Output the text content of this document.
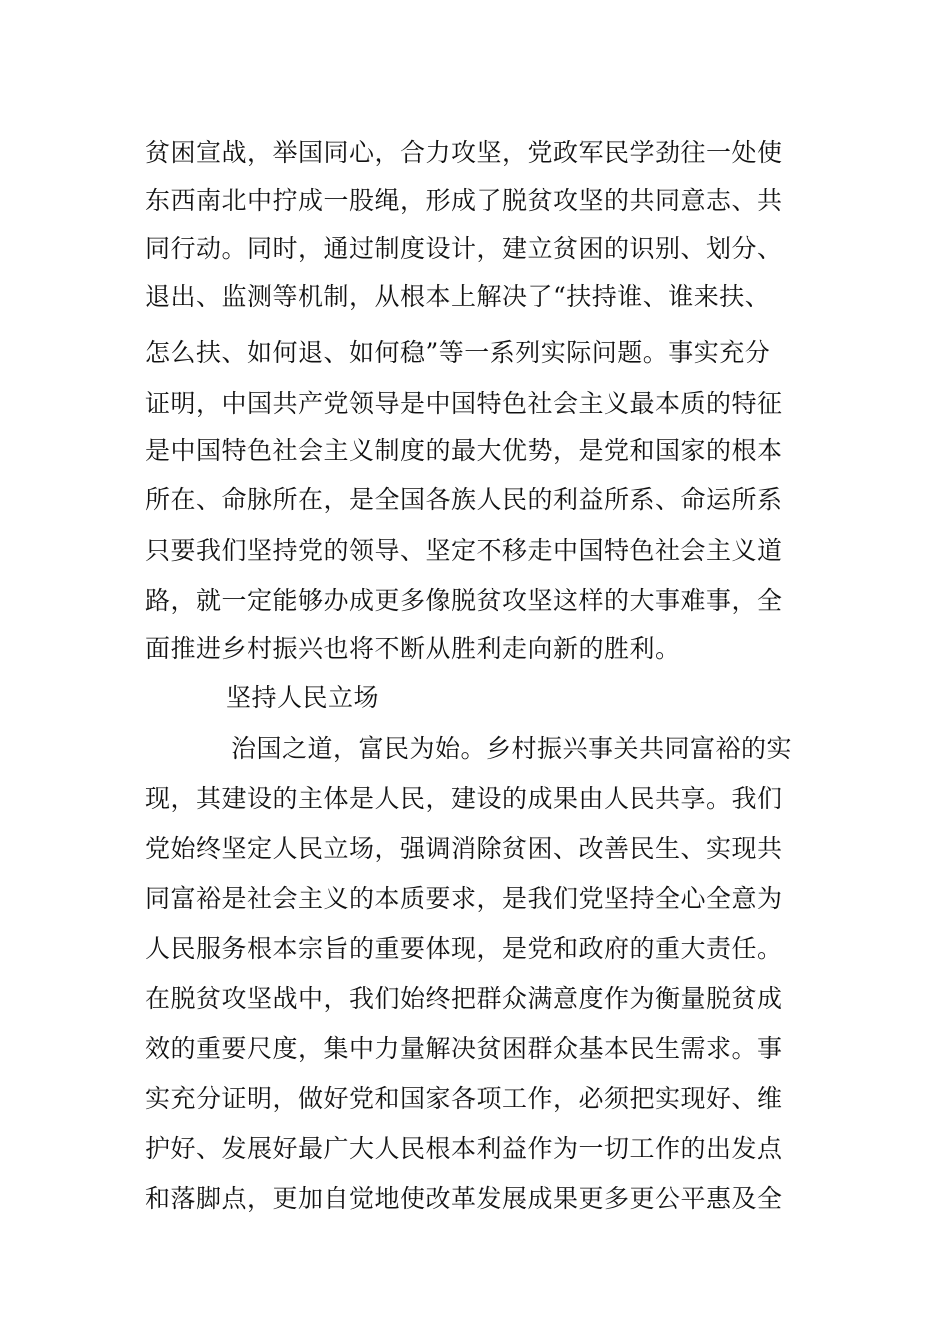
贫困宣战，举国同心，合力攻坚，党政军民学劲往一处使
东西南北中拧成一股绳，形成了脱贫攻坚的共同意志、共
同行动。同时，通过制度设计，建立贫困的识别、划分、
退出、监测等机制，从根本上解决了“扶持谁、谁来扶、
怎么扶、如何退、如何稳”等一系列实际问题。事实充分
证明，中国共产党领导是中国特色社会主义最本质的特征
是中国特色社会主义制度的最大优势，是党和国家的根本
所在、命脉所在，是全国各族人民的利益所系、命运所系
只要我们坚持党的领导、坚定不移走中国特色社会主义道
路，就一定能够办成更多像脱贫攻坚这样的大事难事，全
面推进乡村振兴也将不断从胜利走向新的胜利。
坚持人民立场
治国之道，富民为始。乡村振兴事关共同富裕的实
现，其建设的主体是人民，建设的成果由人民共享。我们
党始终坚定人民立场，强调消除贫困、改善民生、实现共
同富裕是社会主义的本质要求，是我们党坚持全心全意为
人民服务根本宗旨的重要体现，是党和政府的重大责任。
在脱贫攻坚战中，我们始终把群众满意度作为衡量脱贫成
效的重要尺度，集中力量解决贫困群众基本民生需求。事
实充分证明，做好党和国家各项工作，必须把实现好、维
护好、发展好最广大人民根本利益作为一切工作的出发点
和落脚点，更加自觉地使改革发展成果更多更公平惠及全
